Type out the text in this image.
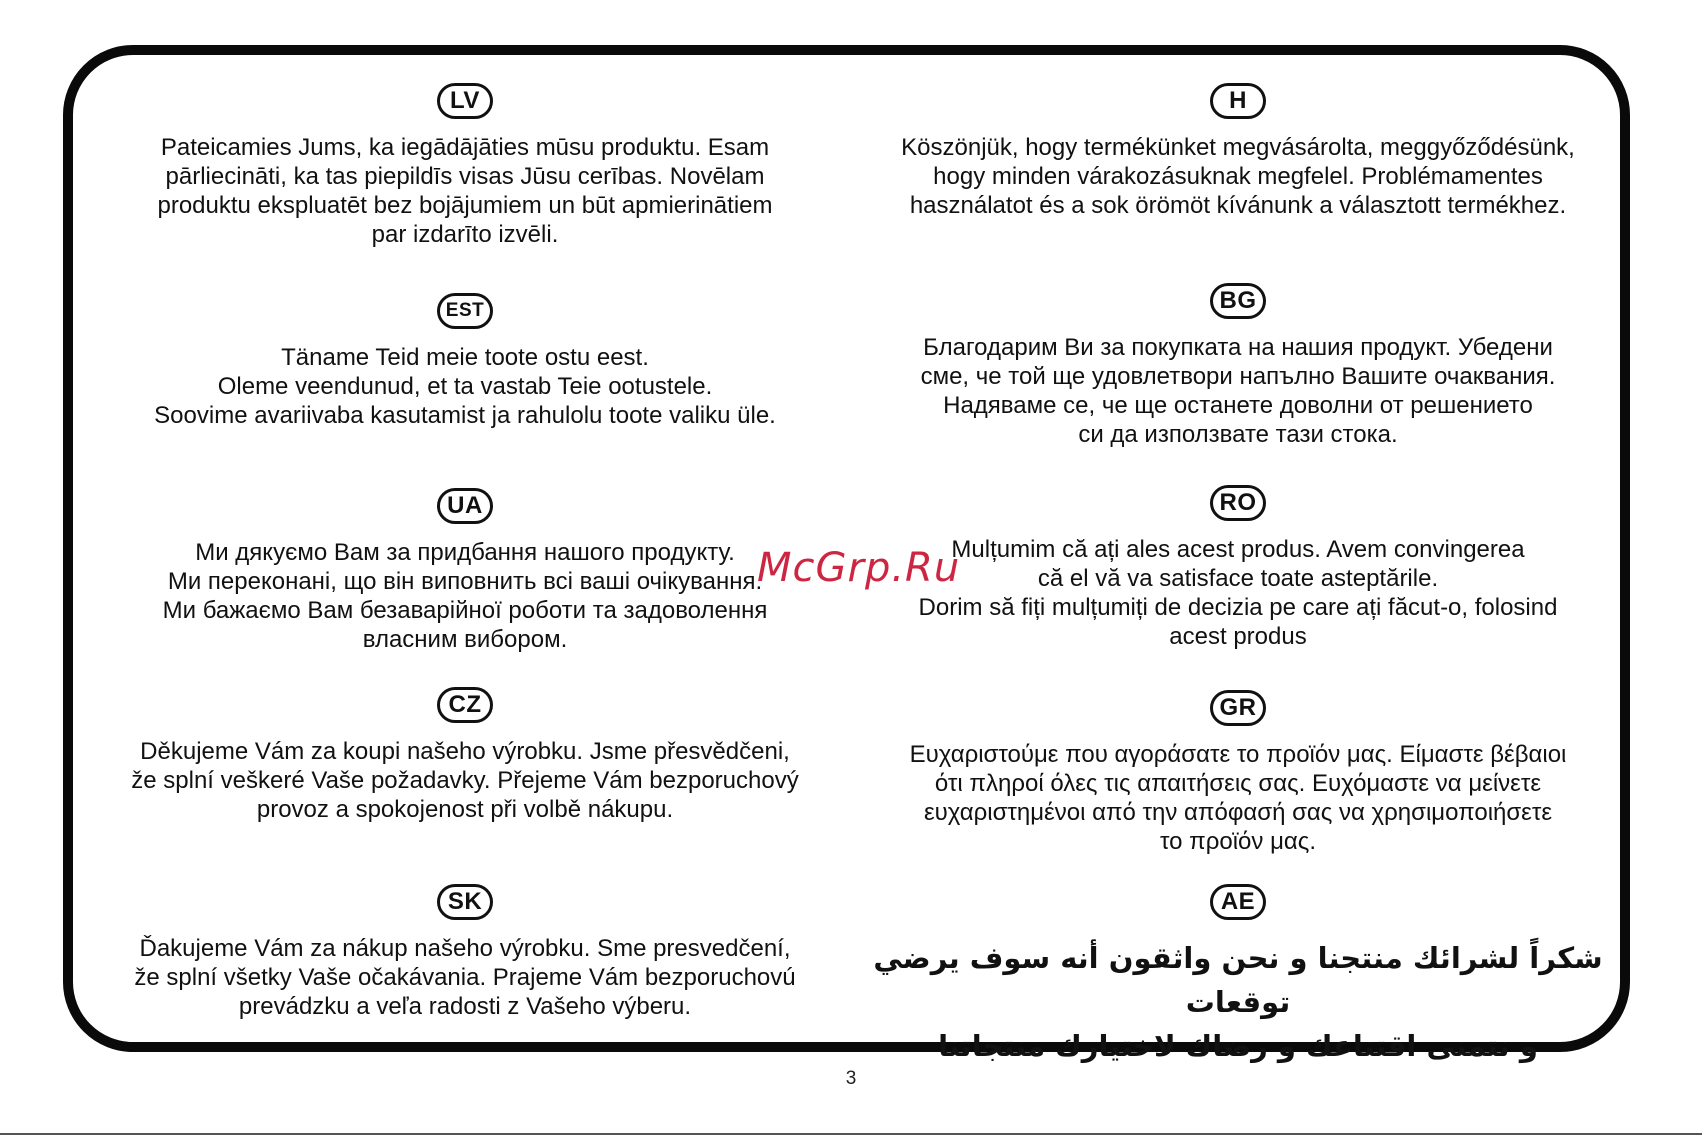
LV
Pateicamies Jums, ka iegādājāties mūsu produktu. Esam
pārliecināti, ka tas piepildīs visas Jūsu cerības. Novēlam
produktu ekspluatēt bez bojājumiem un būt apmierinātiem
par izdarīto izvēli.
EST
Täname Teid meie toote ostu eest.
Oleme veendunud, et ta vastab Teie ootustele.
Soovime avariivaba kasutamist ja rahulolu toote valiku üle.
UA
Ми дякуємо Вам за придбання нашого продукту.
Ми переконані, що він виповнить всі ваші очікування.
Ми бажаємо Вам безаварійної роботи та задоволення
власним вибором.
CZ
Děkujeme Vám za koupi našeho výrobku. Jsme přesvědčeni,
že splní veškeré Vaše požadavky. Přejeme Vám bezporuchový
provoz a spokojenost při volbě nákupu.
SK
Ďakujeme Vám za nákup našeho výrobku. Sme presvedčení,
že splní všetky Vaše očakávania. Prajeme Vám bezporuchovú
prevádzku a veľa radosti z Vašeho výberu.
H
Köszönjük, hogy termékünket megvásárolta, meggyőződésünk,
hogy minden várakozásuknak megfelel. Problémamentes
használatot és a sok örömöt kívánunk a választott termékhez.
BG
Благодарим Ви за покупката на нашия продукт. Убедени
сме, че той ще удовлетвори напълно Вашите очаквания.
Надяваме се, че ще останете доволни от решението
си да използвате тази стока.
RO
Mulțumim că ați ales acest produs. Avem convingerea
că el vă va satisface toate asteptările.
Dorim să fiți mulțumiți de decizia pe care ați făcut-o, folosind
acest produs
GR
Ευχαριστούμε που αγοράσατε το προϊόν μας. Είμαστε βέβαιοι
ότι πληροί όλες τις απαιτήσεις σας. Ευχόμαστε να μείνετε
ευχαριστημένοι από την απόφασή σας να χρησιμοποιήσετε
το προϊόν μας.
AE
شكراً لشرائك منتجنا و نحن واثقون أنه سوف يرضي توقعات
و نتمنى اقتناعك و رضاك لاختيارك منتجاتنا
McGrp.Ru
3
